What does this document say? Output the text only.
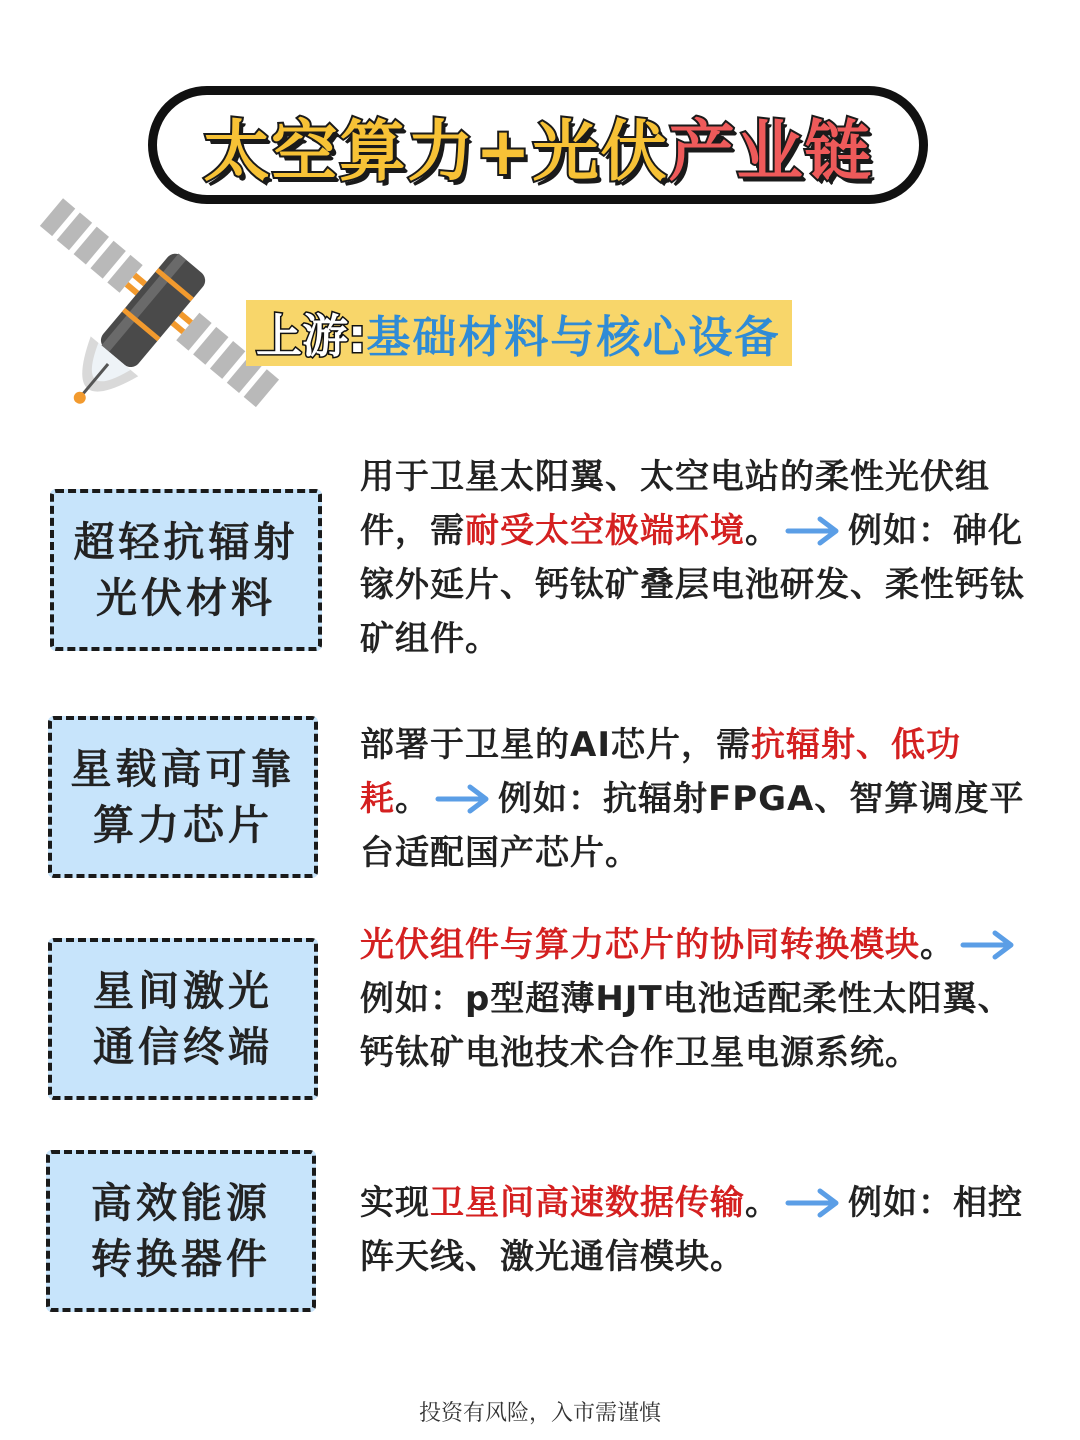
太空算力+光伏产业链
上游: 基础材料与核心设备
超轻抗辐射
光伏材料
用于卫星太阳翼、太空电站的柔性光伏组件，需耐受太空极端环境。 例如：砷化镓外延片、钙钛矿叠层电池研发、柔性钙钛矿组件。
星载高可靠
算力芯片
部署于卫星的AI芯片，需抗辐射、低功耗。 例如：抗辐射FPGA、智算调度平台适配国产芯片。
星间激光
通信终端
光伏组件与算力芯片的协同转换模块。例如：p型超薄HJT电池适配柔性太阳翼、钙钛矿电池技术合作卫星电源系统。
高效能源
转换器件
实现卫星间高速数据传输。 例如：相控阵天线、激光通信模块。
投资有风险，入市需谨慎
